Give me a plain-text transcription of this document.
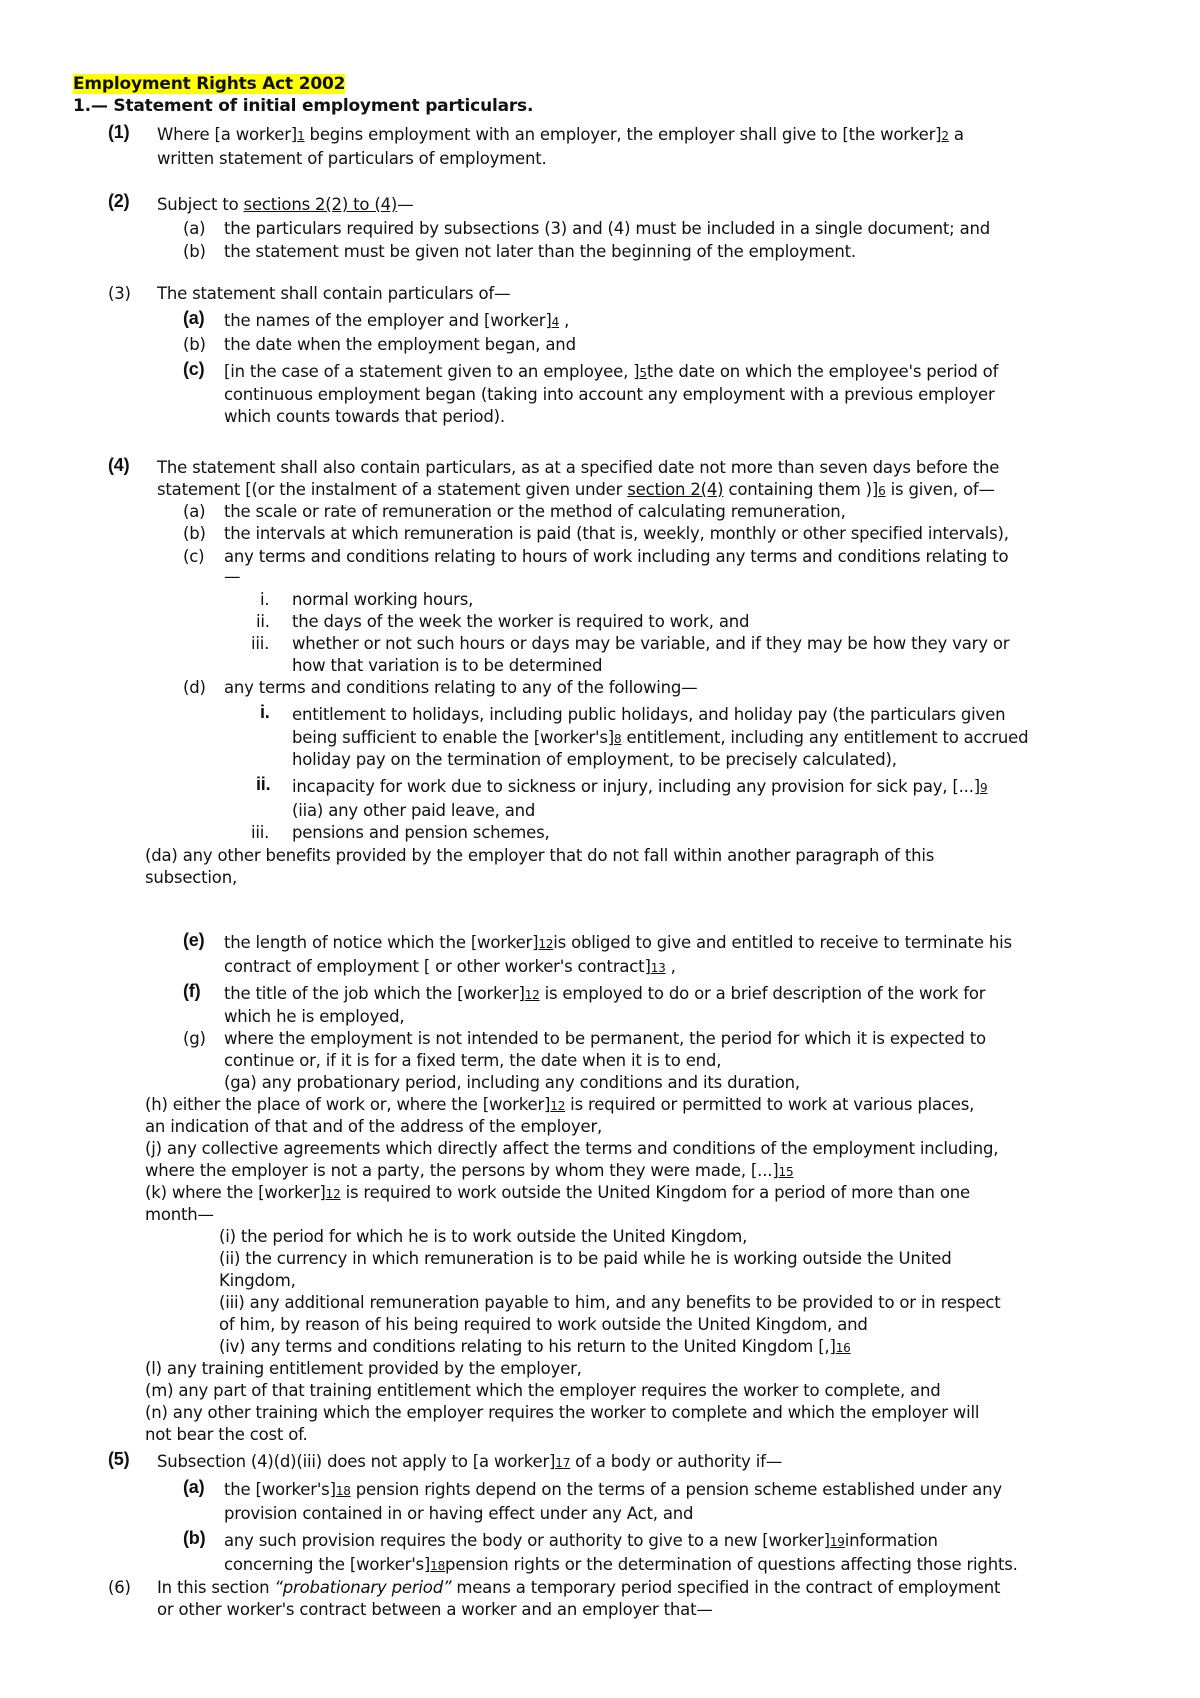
Employment Rights Act 2002
1.— Statement of initial employment particulars.
(1) Where [a worker]1 begins employment with an employer, the employer shall give to [the worker]2 a
written statement of particulars of employment.
(2) Subject to sections 2(2) to (4)—
(a) the particulars required by subsections (3) and (4) must be included in a single document; and
(b) the statement must be given not later than the beginning of the employment.
(3) The statement shall contain particulars of—
(a) the names of the employer and [worker]4 ,
(b) the date when the employment began, and
(c) [in the case of a statement given to an employee, ]5the date on which the employee's period of
continuous employment began (taking into account any employment with a previous employer
which counts towards that period).
(4) The statement shall also contain particulars, as at a specified date not more than seven days before the
statement [(or the instalment of a statement given under section 2(4) containing them )]6 is given, of—
(a) the scale or rate of remuneration or the method of calculating remuneration,
(b) the intervals at which remuneration is paid (that is, weekly, monthly or other specified intervals),
(c) any terms and conditions relating to hours of work including any terms and conditions relating to
—
i. normal working hours,
ii. the days of the week the worker is required to work, and
iii. whether or not such hours or days may be variable, and if they may be how they vary or
how that variation is to be determined
(d) any terms and conditions relating to any of the following—
i. entitlement to holidays, including public holidays, and holiday pay (the particulars given
being sufficient to enable the [worker's]8 entitlement, including any entitlement to accrued
holiday pay on the termination of employment, to be precisely calculated),
ii. incapacity for work due to sickness or injury, including any provision for sick pay, [...]9
(iia) any other paid leave, and
iii. pensions and pension schemes,
(da) any other benefits provided by the employer that do not fall within another paragraph of this
subsection,
(e) the length of notice which the [worker]12is obliged to give and entitled to receive to terminate his
contract of employment [ or other worker's contract]13 ,
(f) the title of the job which the [worker]12 is employed to do or a brief description of the work for
which he is employed,
(g) where the employment is not intended to be permanent, the period for which it is expected to
continue or, if it is for a fixed term, the date when it is to end,
(ga) any probationary period, including any conditions and its duration,
(h) either the place of work or, where the [worker]12 is required or permitted to work at various places,
an indication of that and of the address of the employer,
(j) any collective agreements which directly affect the terms and conditions of the employment including,
where the employer is not a party, the persons by whom they were made, [...]15
(k) where the [worker]12 is required to work outside the United Kingdom for a period of more than one
month—
(i) the period for which he is to work outside the United Kingdom,
(ii) the currency in which remuneration is to be paid while he is working outside the United
Kingdom,
(iii) any additional remuneration payable to him, and any benefits to be provided to or in respect
of him, by reason of his being required to work outside the United Kingdom, and
(iv) any terms and conditions relating to his return to the United Kingdom [,]16
(l) any training entitlement provided by the employer,
(m) any part of that training entitlement which the employer requires the worker to complete, and
(n) any other training which the employer requires the worker to complete and which the employer will
not bear the cost of.
(5) Subsection (4)(d)(iii) does not apply to [a worker]17 of a body or authority if—
(a) the [worker's]18 pension rights depend on the terms of a pension scheme established under any
provision contained in or having effect under any Act, and
(b) any such provision requires the body or authority to give to a new [worker]19information
concerning the [worker's]18pension rights or the determination of questions affecting those rights.
(6) In this section “probationary period” means a temporary period specified in the contract of employment
or other worker's contract between a worker and an employer that—
